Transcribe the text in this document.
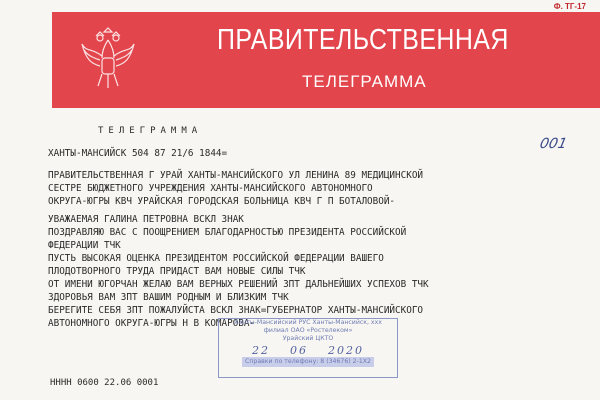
Ф. ТГ-17
ПРАВИТЕЛЬСТВЕННАЯ
ТЕЛЕГРАММА
ТЕЛЕГРАММА
001
ХАНТЫ-МАНСИЙСК 504 87 21/6 1844=
ПРАВИТЕЛЬСТВЕННАЯ Г УРАЙ ХАНТЫ-МАНСИЙСКОГО УЛ ЛЕНИНА 89 МЕДИЦИНСКОЙ
СЕСТРЕ БЮДЖЕТНОГО УЧРЕЖДЕНИЯ ХАНТЫ-МАНСИЙСКОГО АВТОНОМНОГО
ОКРУГА-ЮГРЫ КВЧ УРАЙСКАЯ ГОРОДСКАЯ БОЛЬНИЦА КВЧ Г П БОТАЛОВОЙ-
УВАЖАЕМАЯ ГАЛИНА ПЕТРОВНА ВСКЛ ЗНАК
ПОЗДРАВЛЯЮ ВАС С ПООЩРЕНИЕМ БЛАГОДАРНОСТЬЮ ПРЕЗИДЕНТА РОССИЙСКОЙ
ФЕДЕРАЦИИ ТЧК
ПУСТЬ ВЫСОКАЯ ОЦЕНКА ПРЕЗИДЕНТОМ РОССИЙСКОЙ ФЕДЕРАЦИИ ВАШЕГО
ПЛОДОТВОРНОГО ТРУДА ПРИДАСТ ВАМ НОВЫЕ СИЛЫ ТЧК
ОТ ИМЕНИ ЮГОРЧАН ЖЕЛАЮ ВАМ ВЕРНЫХ РЕШЕНИЙ ЗПТ ДАЛЬНЕЙШИХ УСПЕХОВ ТЧК
ЗДОРОВЬЯ ВАМ ЗПТ ВАШИМ РОДНЫМ И БЛИЗКИМ ТЧК
БЕРЕГИТЕ СЕБЯ ЗПТ ПОЖАЛУЙСТА ВСКЛ ЗНАК=ГУБЕРНАТОР ХАНТЫ-МАНСИЙСКОГО
АВТОНОМНОГО ОКРУГА-ЮГРЫ Н В КОМАРОВА-
Ханты-Мансийский РУС Ханты-Мансийск, ххх
филиал ОАО «Ростелеком»
Урайский ЦКТО
22 06 2020
Справки по телефону: 8 (34676) 2-1X2
НННН 0600 22.06 0001
